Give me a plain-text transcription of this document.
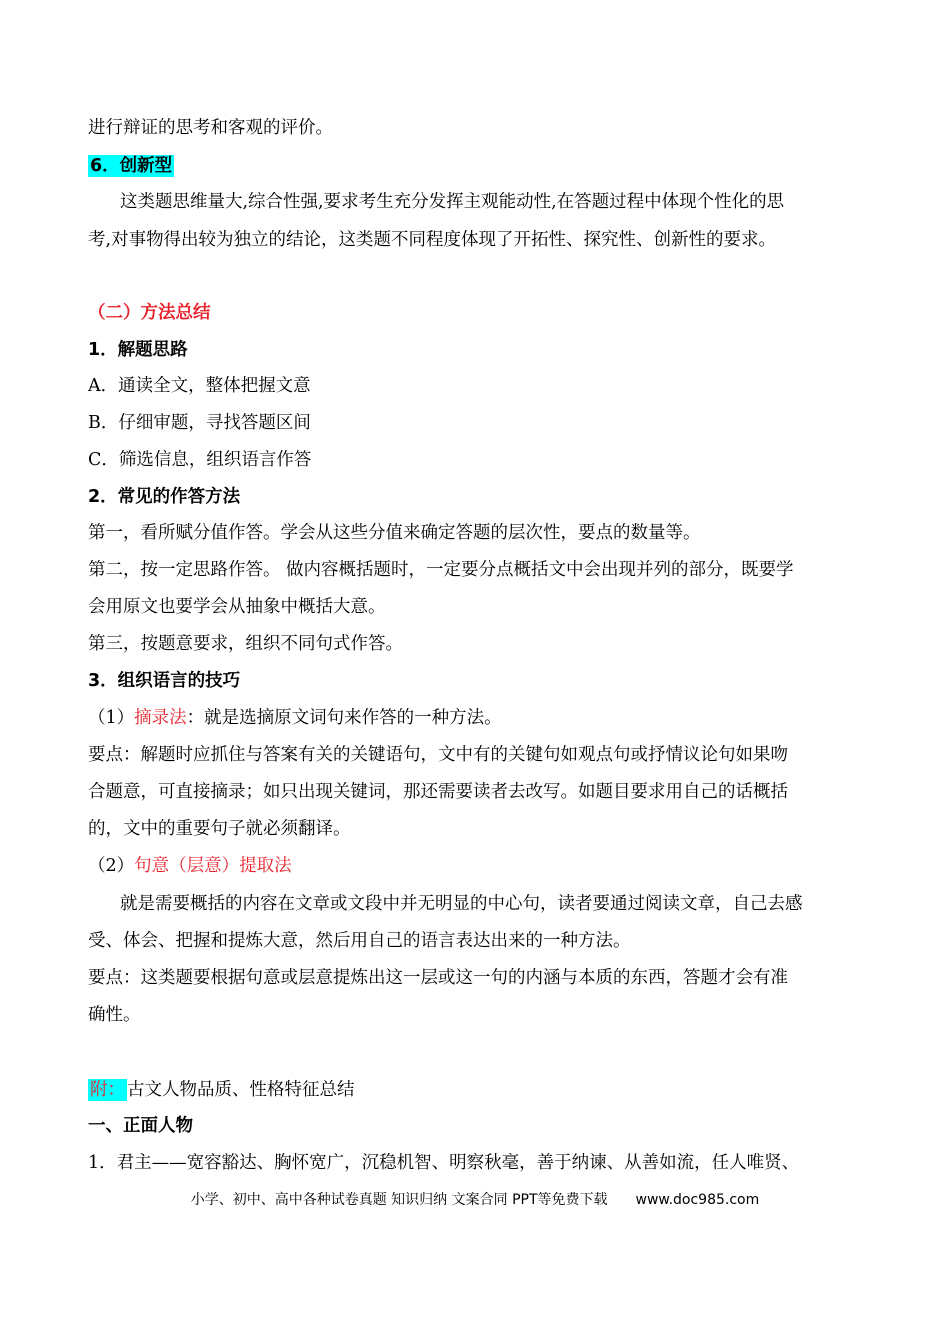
进行辩证的思考和客观的评价。
6．创新型
这类题思维量大,综合性强,要求考生充分发挥主观能动性,在答题过程中体现个性化的思
考,对事物得出较为独立的结论，这类题不同程度体现了开拓性、探究性、创新性的要求。
（二）方法总结
1．解题思路
A．通读全文，整体把握文意
B．仔细审题，寻找答题区间
C．筛选信息，组织语言作答
2．常见的作答方法
第一，看所赋分值作答。学会从这些分值来确定答题的层次性，要点的数量等。
第二，按一定思路作答。 做内容概括题时，一定要分点概括文中会出现并列的部分，既要学
会用原文也要学会从抽象中概括大意。
第三，按题意要求，组织不同句式作答。
3．组织语言的技巧
（1）摘录法：就是选摘原文词句来作答的一种方法。
要点：解题时应抓住与答案有关的关键语句，文中有的关键句如观点句或抒情议论句如果吻
合题意，可直接摘录；如只出现关键词，那还需要读者去改写。如题目要求用自己的话概括
的，文中的重要句子就必须翻译。
（2）句意（层意）提取法
就是需要概括的内容在文章或文段中并无明显的中心句，读者要通过阅读文章，自己去感
受、体会、把握和提炼大意，然后用自己的语言表达出来的一种方法。
要点：这类题要根据句意或层意提炼出这一层或这一句的内涵与本质的东西，答题才会有准
确性。
附： 古文人物品质、性格特征总结
一、正面人物
1．君主——宽容豁达、胸怀宽广，沉稳机智、明察秋毫，善于纳谏、从善如流，任人唯贤、
小学、初中、高中各种试卷真题 知识归纳 文案合同 PPT等免费下载　　www.doc985.com
